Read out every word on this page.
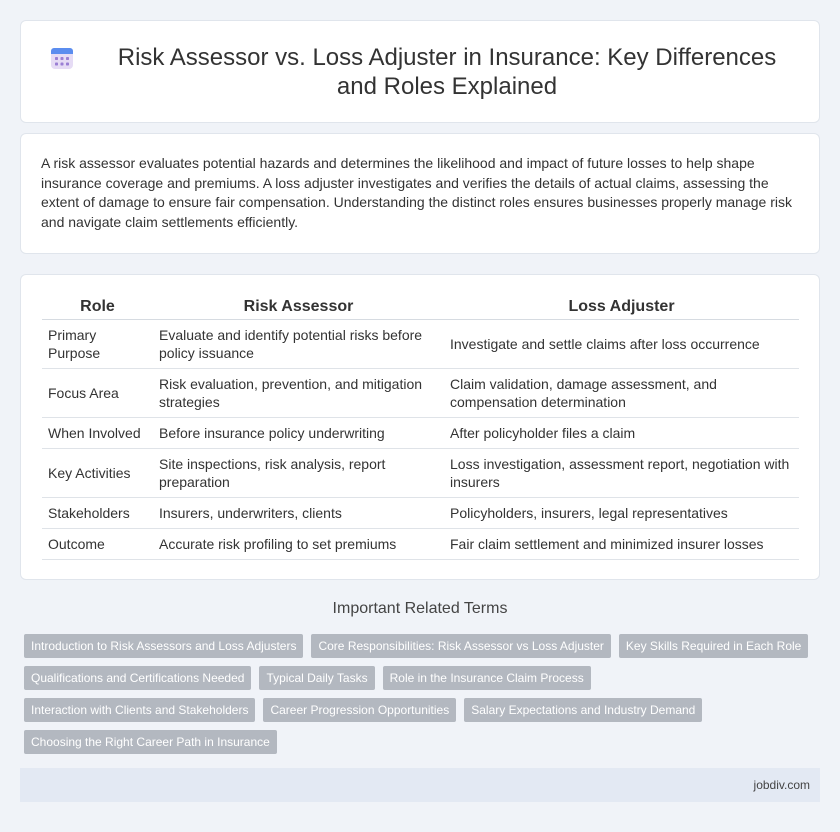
Risk Assessor vs. Loss Adjuster in Insurance: Key Differences and Roles Explained

A risk assessor evaluates potential hazards and determines the likelihood and impact of future losses to help shape insurance coverage and premiums. A loss adjuster investigates and verifies the details of actual claims, assessing the extent of damage to ensure fair compensation. Understanding the distinct roles ensures businesses properly manage risk and navigate claim settlements efficiently.

Role	Risk Assessor	Loss Adjuster
Primary Purpose	Evaluate and identify potential risks before policy issuance	Investigate and settle claims after loss occurrence
Focus Area	Risk evaluation, prevention, and mitigation strategies	Claim validation, damage assessment, and compensation determination
When Involved	Before insurance policy underwriting	After policyholder files a claim
Key Activities	Site inspections, risk analysis, report preparation	Loss investigation, assessment report, negotiation with insurers
Stakeholders	Insurers, underwriters, clients	Policyholders, insurers, legal representatives
Outcome	Accurate risk profiling to set premiums	Fair claim settlement and minimized insurer losses
Important Related Terms
Introduction to Risk Assessors and Loss Adjusters	Core Responsibilities: Risk Assessor vs Loss Adjuster	Key Skills Required in Each Role
Qualifications and Certifications Needed	Typical Daily Tasks	Role in the Insurance Claim Process
Interaction with Clients and Stakeholders	Career Progression Opportunities	Salary Expectations and Industry Demand
Choosing the Right Career Path in Insurance
jobdiv.com
